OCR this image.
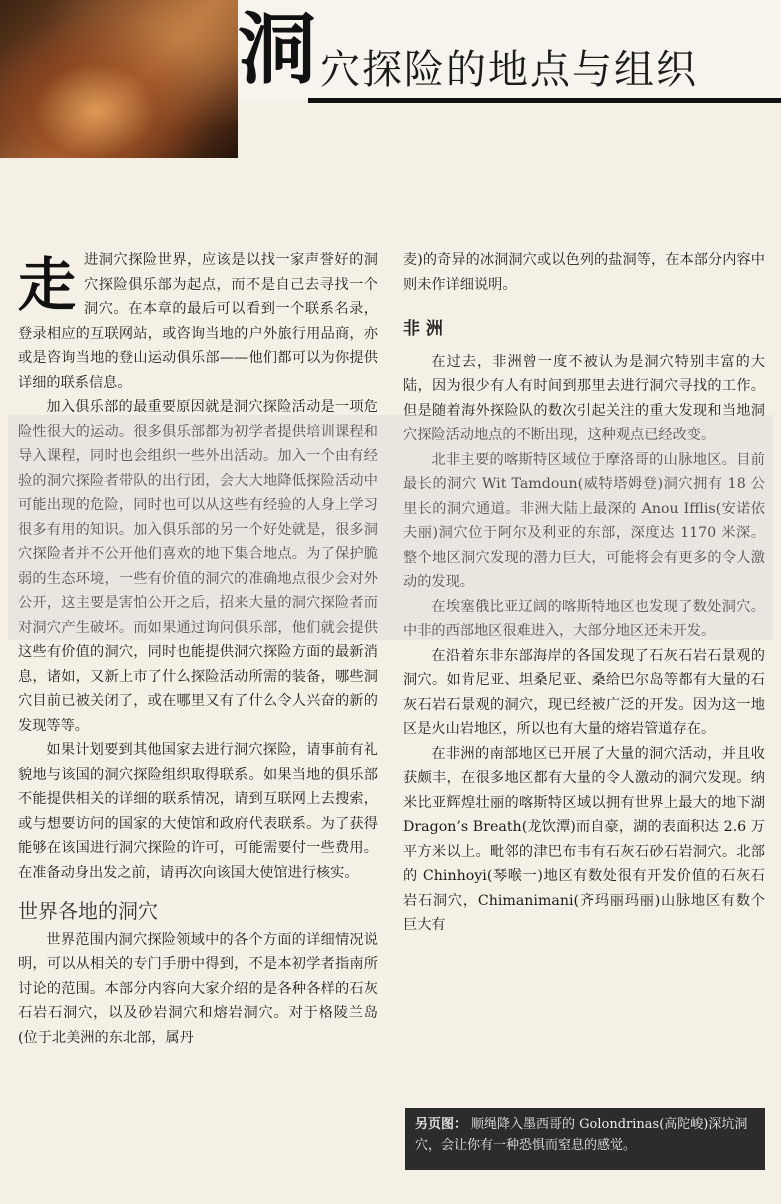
洞 穴探险的地点与组织

走 进洞穴探险世界，应该是以找一家声誉好的洞穴探险俱乐部为起点，而不是自己去寻找一个洞穴。在本章的最后可以看到一个联系名录，登录相应的互联网站，或咨询当地的户外旅行用品商，亦或是咨询当地的登山运动俱乐部——他们都可以为你提供详细的联系信息。

加入俱乐部的最重要原因就是洞穴探险活动是一项危险性很大的运动。很多俱乐部都为初学者提供培训课程和导入课程，同时也会组织一些外出活动。加入一个由有经验的洞穴探险者带队的出行团，会大大地降低探险活动中可能出现的危险，同时也可以从这些有经验的人身上学习很多有用的知识。加入俱乐部的另一个好处就是，很多洞穴探险者并不公开他们喜欢的地下集合地点。为了保护脆弱的生态环境，一些有价值的洞穴的准确地点很少会对外公开，这主要是害怕公开之后，招来大量的洞穴探险者而对洞穴产生破坏。而如果通过询问俱乐部，他们就会提供这些有价值的洞穴，同时也能提供洞穴探险方面的最新消息，诸如，又新上市了什么探险活动所需的装备，哪些洞穴目前已被关闭了，或在哪里又有了什么令人兴奋的新的发现等等。

如果计划要到其他国家去进行洞穴探险，请事前有礼貌地与该国的洞穴探险组织取得联系。如果当地的俱乐部不能提供相关的详细的联系情况，请到互联网上去搜索，或与想要访问的国家的大使馆和政府代表联系。为了获得能够在该国进行洞穴探险的许可，可能需要付一些费用。在准备动身出发之前，请再次向该国大使馆进行核实。

世界各地的洞穴

世界范围内洞穴探险领域中的各个方面的详细情况说明，可以从相关的专门手册中得到，不是本初学者指南所讨论的范围。本部分内容向大家介绍的是各种各样的石灰石岩石洞穴，以及砂岩洞穴和熔岩洞穴。对于格陵兰岛(位于北美洲的东北部，属丹

麦)的奇异的冰洞洞穴或以色列的盐洞等，在本部分内容中则未作详细说明。

非 洲

在过去，非洲曾一度不被认为是洞穴特别丰富的大陆，因为很少有人有时间到那里去进行洞穴寻找的工作。但是随着海外探险队的数次引起关注的重大发现和当地洞穴探险活动地点的不断出现，这种观点已经改变。

北非主要的喀斯特区域位于摩洛哥的山脉地区。目前最长的洞穴 Wit Tamdoun(威特塔姆登)洞穴拥有 18 公里长的洞穴通道。非洲大陆上最深的 Anou Ifflis(安诺依夫丽)洞穴位于阿尔及利亚的东部，深度达 1170 米深。整个地区洞穴发现的潜力巨大，可能将会有更多的令人激动的发现。

在埃塞俄比亚辽阔的喀斯特地区也发现了数处洞穴。中非的西部地区很难进入，大部分地区还未开发。

在沿着东非东部海岸的各国发现了石灰石岩石景观的洞穴。如肯尼亚、坦桑尼亚、桑给巴尔岛等都有大量的石灰石岩石景观的洞穴，现已经被广泛的开发。因为这一地区是火山岩地区，所以也有大量的熔岩管道存在。

在非洲的南部地区已开展了大量的洞穴活动，并且收获颇丰，在很多地区都有大量的令人激动的洞穴发现。纳米比亚辉煌壮丽的喀斯特区域以拥有世界上最大的地下湖 Dragon’s Breath(龙饮潭)而自豪，湖的表面积达 2.6 万平方米以上。毗邻的津巴布韦有石灰石砂石岩洞穴。北部的 Chinhoyi(琴喉一)地区有数处很有开发价值的石灰石岩石洞穴，Chimanimani(齐玛丽玛丽)山脉地区有数个巨大有

另页图： 顺绳降入墨西哥的 Golondrinas(高陀峻)深坑洞穴，会让你有一种恐惧而窒息的感觉。
